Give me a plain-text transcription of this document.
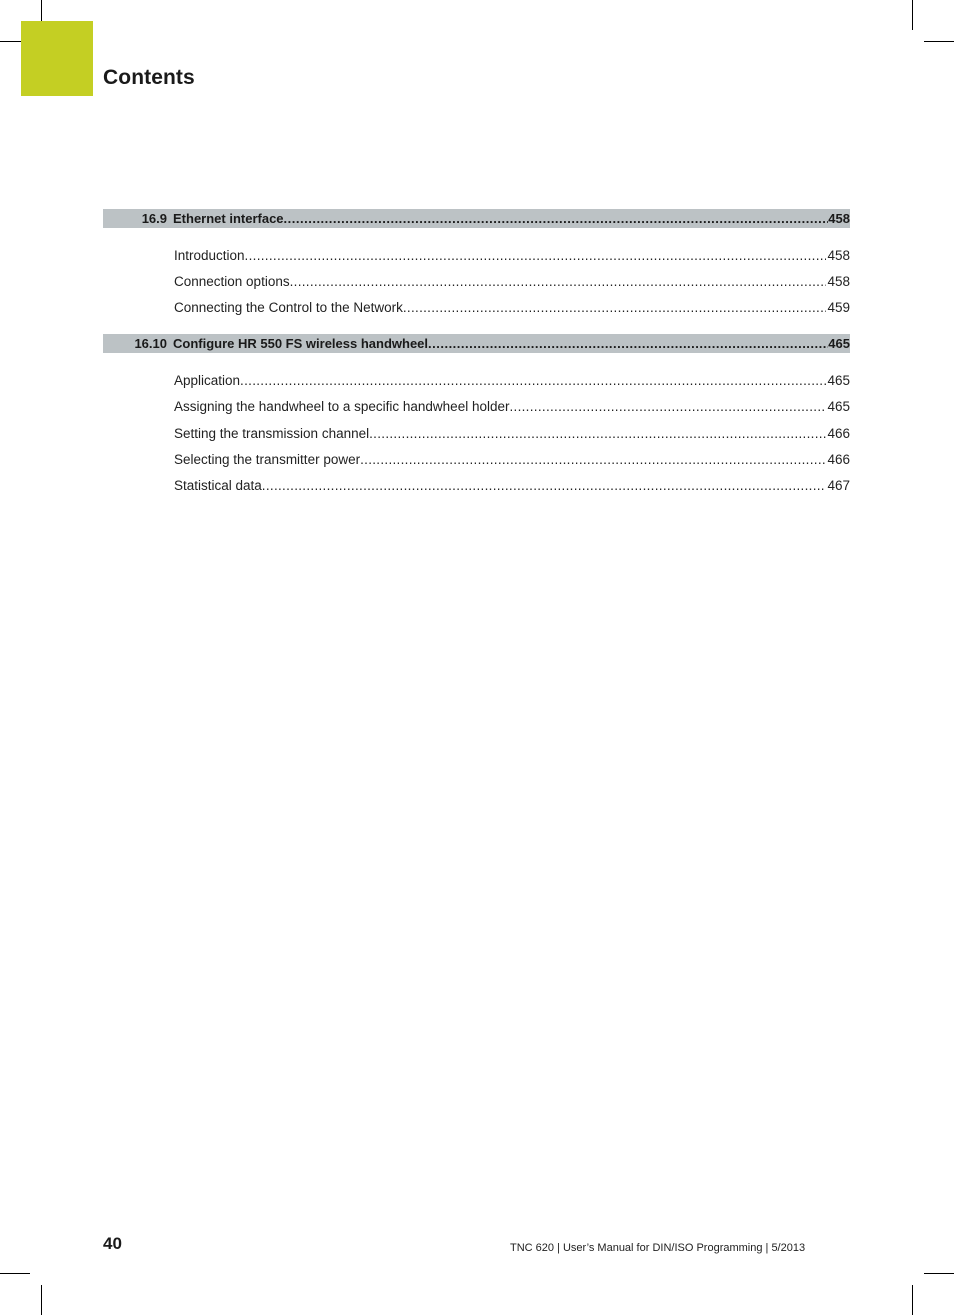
Contents
16.9 Ethernet interface .....	458
Introduction .....	458
Connection options .....	458
Connecting the Control to the Network .....	459
16.10 Configure HR 550 FS wireless handwheel .....	465
Application .....	465
Assigning the handwheel to a specific handwheel holder .....	465
Setting the transmission channel .....	466
Selecting the transmitter power .....	466
Statistical data .....	467
40	TNC 620 | User’s Manual for DIN/ISO Programming | 5/2013
